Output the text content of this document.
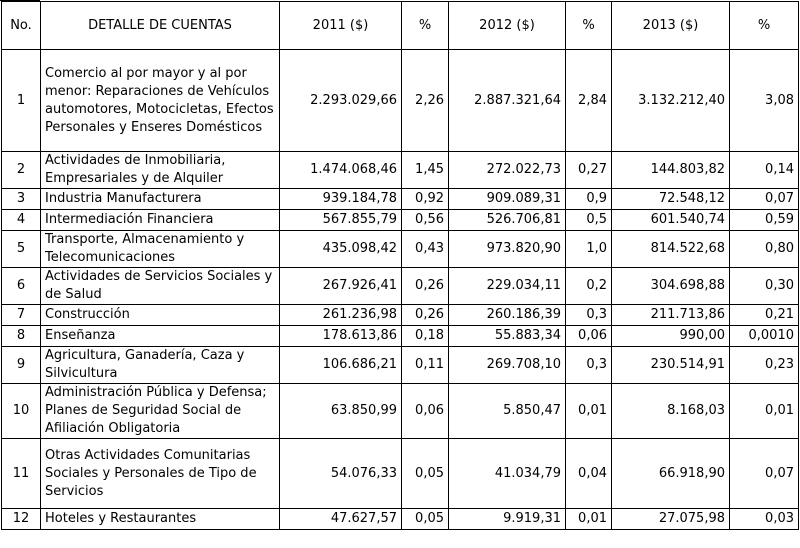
No.	DETALLE DE CUENTAS	2011 ($)	%	2012 ($)	%	2013 ($)	%
1	Comercio al por mayor y al por menor: Reparaciones de Vehículos automotores, Motocicletas, Efectos Personales y Enseres Domésticos	2.293.029,66	2,26	2.887.321,64	2,84	3.132.212,40	3,08
2	Actividades de Inmobiliaria, Empresariales y de Alquiler	1.474.068,46	1,45	272.022,73	0,27	144.803,82	0,14
3	Industria Manufacturera	939.184,78	0,92	909.089,31	0,9	72.548,12	0,07
4	Intermediación Financiera	567.855,79	0,56	526.706,81	0,5	601.540,74	0,59
5	Transporte, Almacenamiento y Telecomunicaciones	435.098,42	0,43	973.820,90	1,0	814.522,68	0,80
6	Actividades de Servicios Sociales y de Salud	267.926,41	0,26	229.034,11	0,2	304.698,88	0,30
7	Construcción	261.236,98	0,26	260.186,39	0,3	211.713,86	0,21
8	Enseñanza	178.613,86	0,18	55.883,34	0,06	990,00	0,0010
9	Agricultura, Ganadería, Caza y Silvicultura	106.686,21	0,11	269.708,10	0,3	230.514,91	0,23
10	Administración Pública y Defensa; Planes de Seguridad Social de Afiliación Obligatoria	63.850,99	0,06	5.850,47	0,01	8.168,03	0,01
11	Otras Actividades Comunitarias Sociales y Personales de Tipo de Servicios	54.076,33	0,05	41.034,79	0,04	66.918,90	0,07
12	Hoteles y Restaurantes	47.627,57	0,05	9.919,31	0,01	27.075,98	0,03
